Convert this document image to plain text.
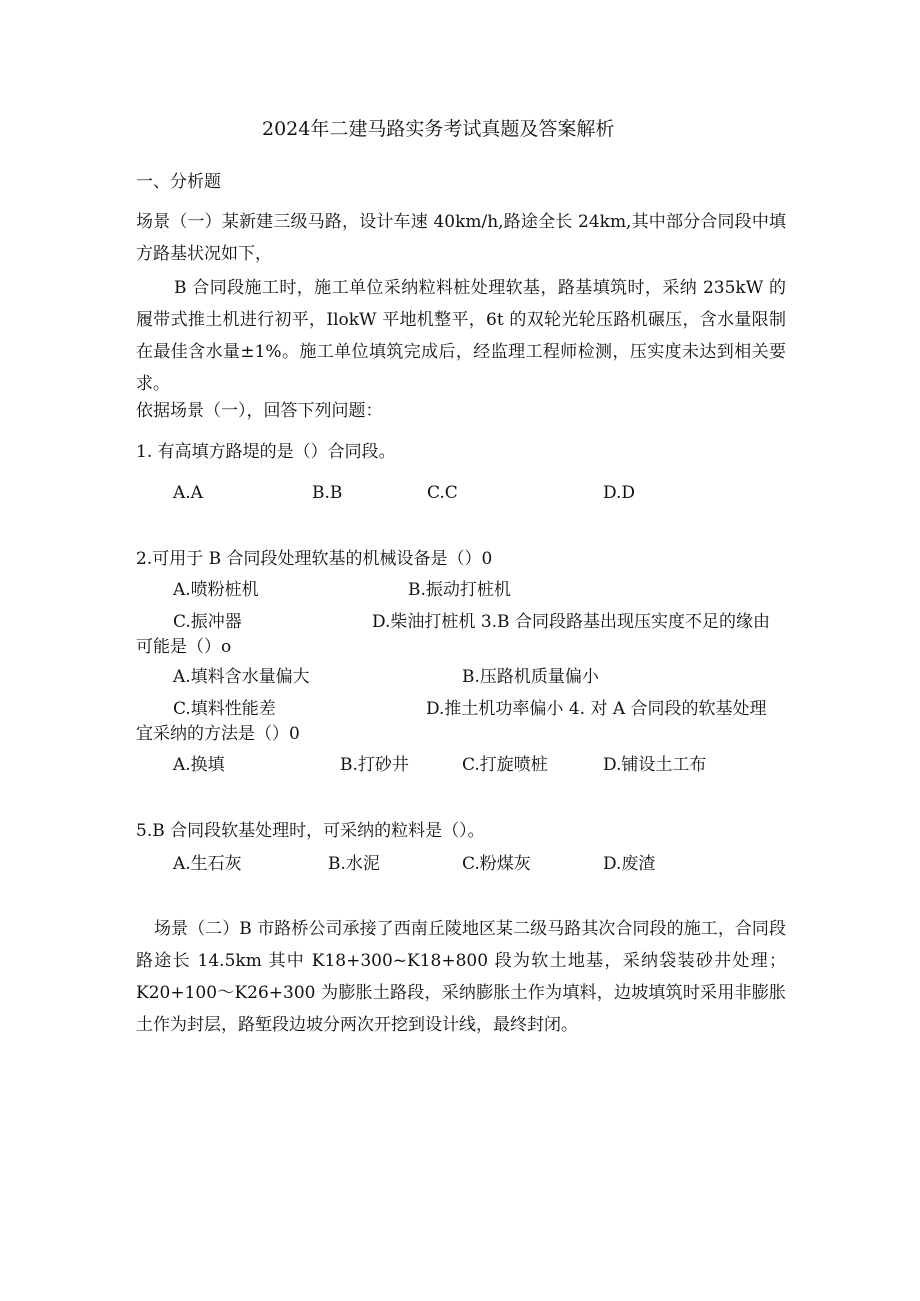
2024年二建马路实务考试真题及答案解析
一、分析题
场景（一）某新建三级马路，设计车速 40km/h,路途全长 24km,其中部分合同段中填方路基状况如下，
B 合同段施工时，施工单位采纳粒料桩处理软基，路基填筑时，采纳 235kW 的履带式推土机进行初平，IlokW 平地机整平，6t 的双轮光轮压路机碾压，含水量限制在最佳含水量±1%。施工单位填筑完成后，经监理工程师检测，压实度未达到相关要求。
依据场景（一），回答下列问题：
1. 有高填方路堤的是（）合同段。
A.A	B.B	C.C	D.D
2.可用于 B 合同段处理软基的机械设备是（）0
A.喷粉桩机	B.振动打桩机
C.振冲器	D.柴油打桩机 3.B 合同段路基出现压实度不足的缘由
可能是（）o
A.填料含水量偏大	B.压路机质量偏小
C.填料性能差	D.推土机功率偏小 4. 对 A 合同段的软基处理
宜采纳的方法是（）0
A.换填	B.打砂井	C.打旋喷桩	D.铺设土工布
5.B 合同段软基处理时，可采纳的粒料是（）。
A.生石灰	B.水泥	C.粉煤灰	D.废渣
场景（二）B 市路桥公司承接了西南丘陵地区某二级马路其次合同段的施工，合同段路途长 14.5km 其中 K18+300~K18+800 段为软土地基，采纳袋装砂井处理；K20+100〜K26+300 为膨胀土路段，采纳膨胀土作为填料，边坡填筑时采用非膨胀土作为封层，路堑段边坡分两次开挖到设计线，最终封闭。
